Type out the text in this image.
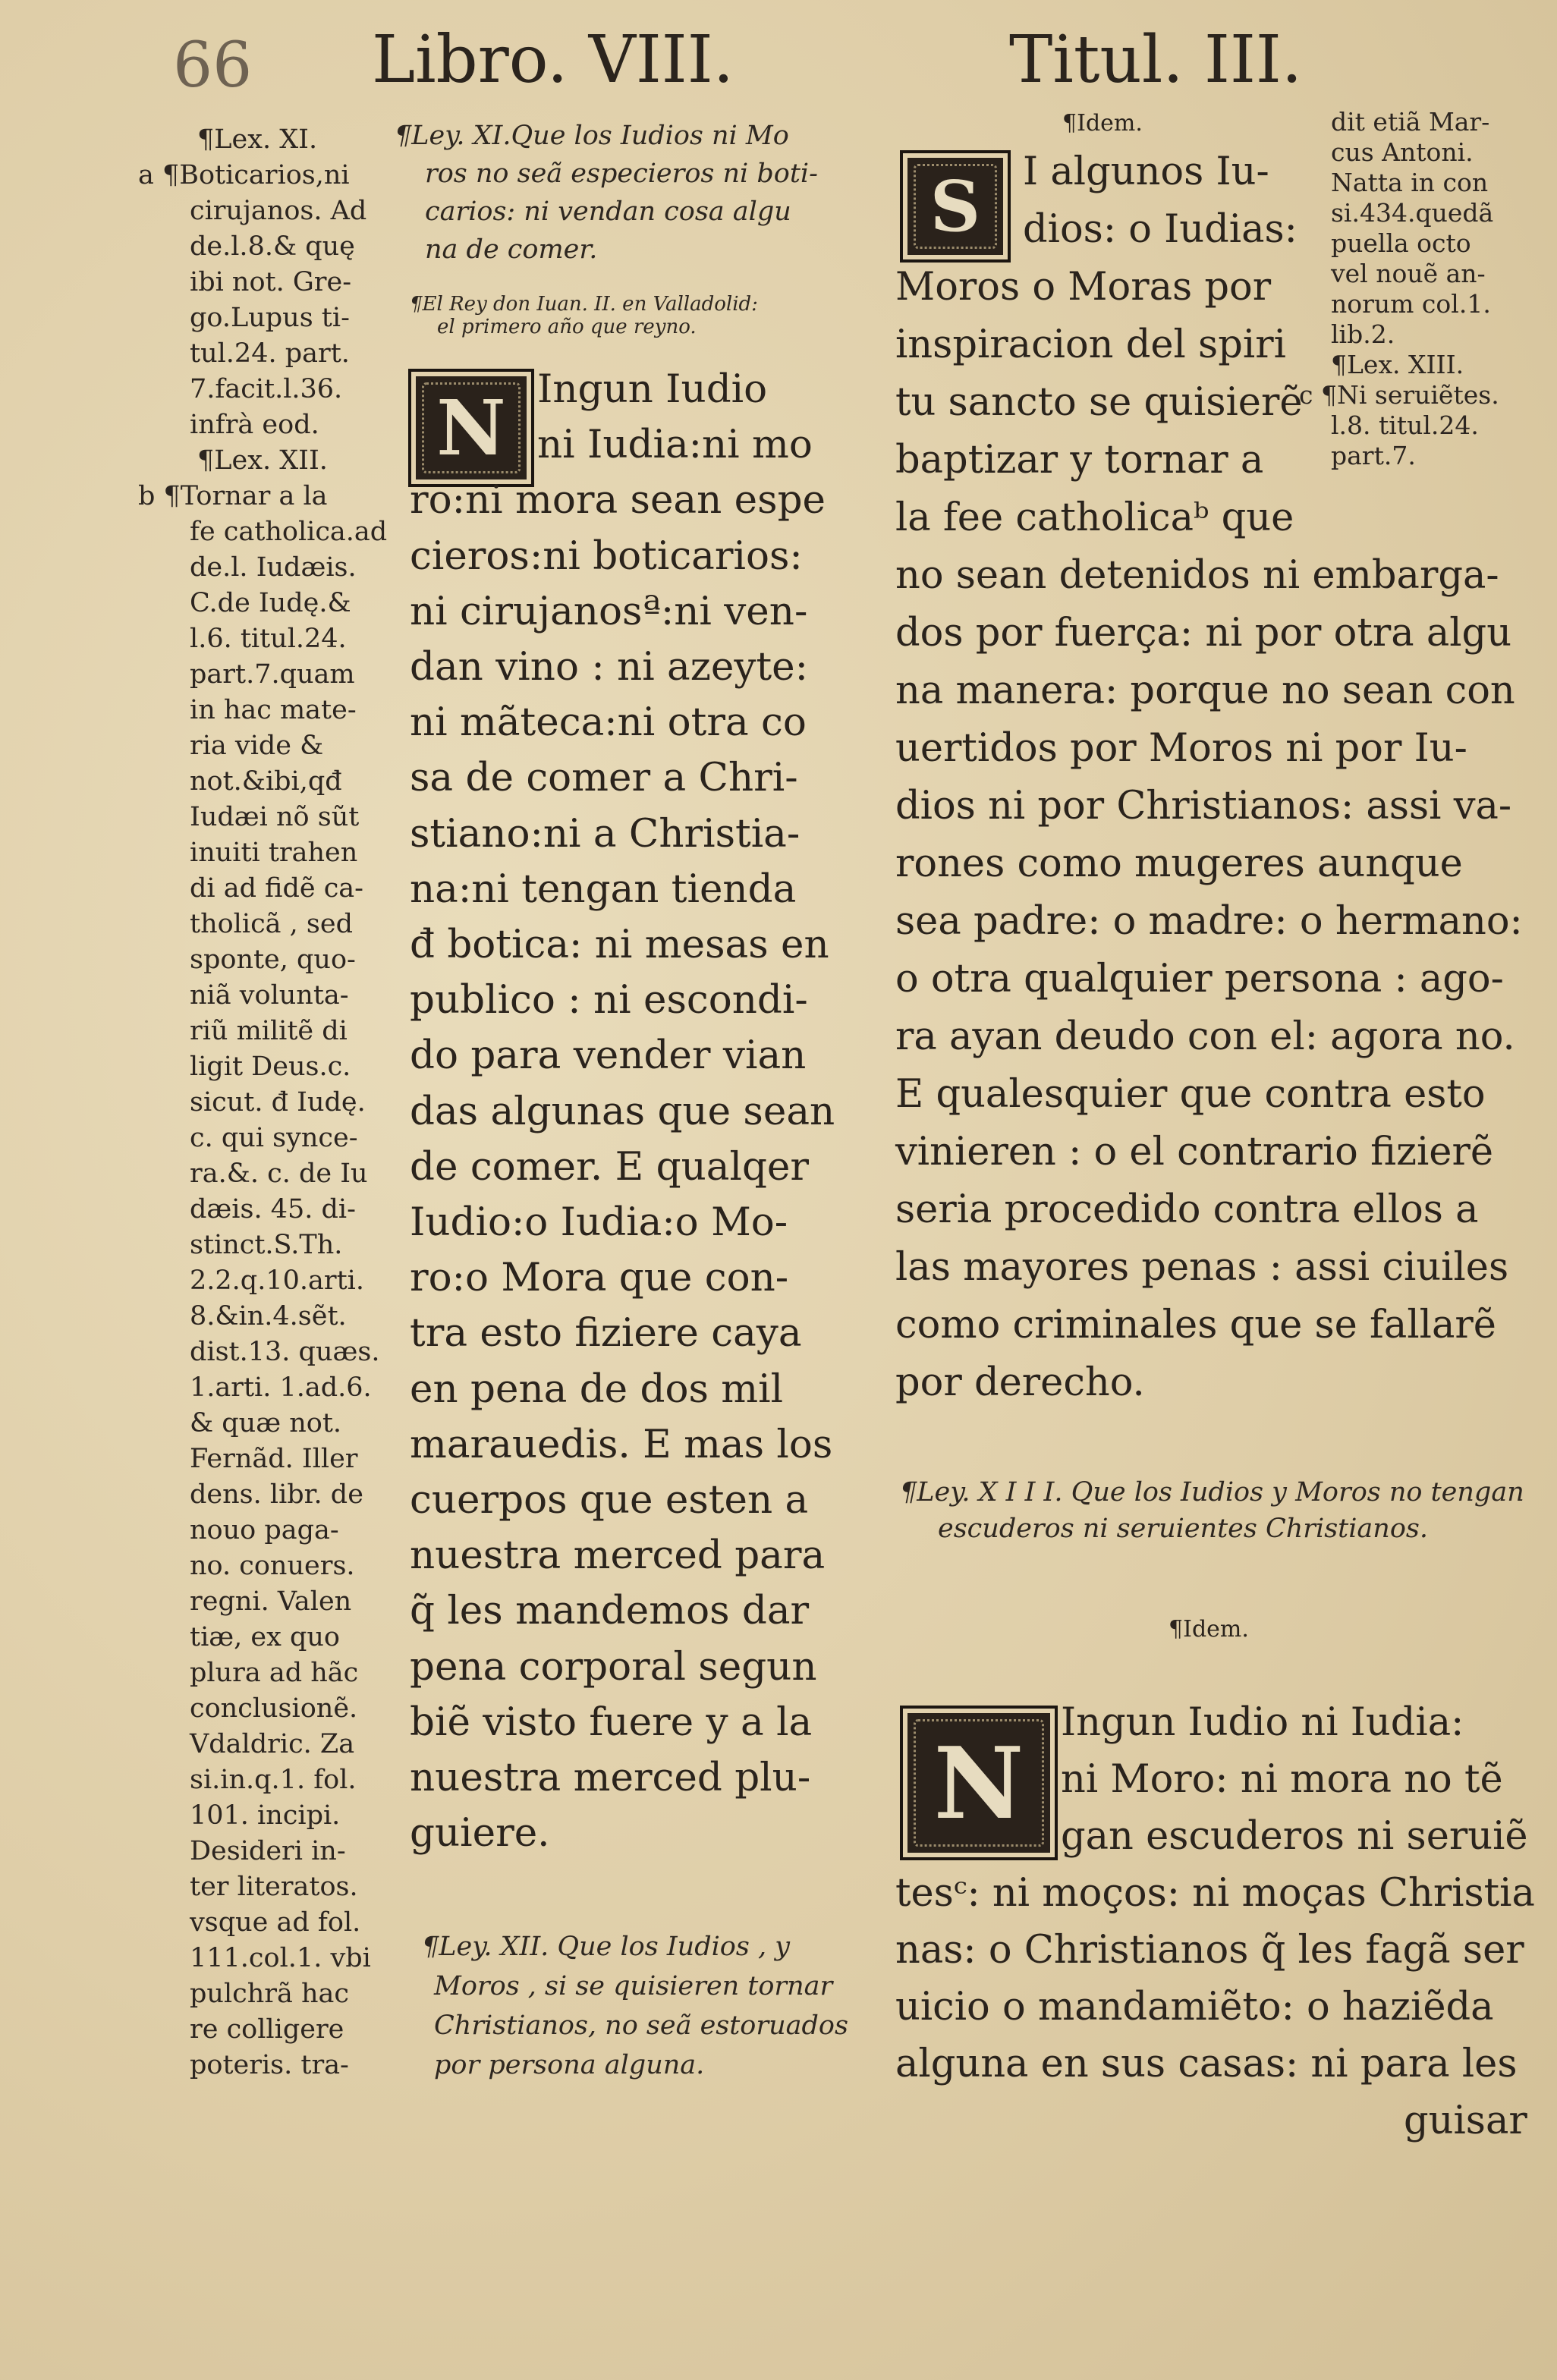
66 Libro. VIII.	Titul. III.
¶Lex. XI.
a ¶Boticarios,ni
cirujanos. Ad
de.l.8.& quę
ibi not. Gre-
go.Lupus ti-
tul.24. part.
7.facit.l.36.
infrà eod.
¶Lex. XII.
b ¶Tornar a la
fe catholica.ad
de.l. Iudæis.
C.de Iudę.&
l.6. titul.24.
part.7.quam
in hac mate-
ria vide &
not.&ibi,qđ
Iudæi nõ sũt
inuiti trahen
di ad fidẽ ca-
tholicã , sed
sponte, quo-
niã volunta-
riũ militẽ di
ligit Deus.c.
sicut. đ Iudę.
c. qui synce-
ra.&. c. de Iu
dæis. 45. di-
stinct.S.Th.
2.2.q.10.arti.
8.&in.4.sẽt.
dist.13. quæs.
1.arti. 1.ad.6.
& quæ not.
Fernãd. Iller
dens. libr. de
nouo paga-
no. conuers.
regni. Valen
tiæ, ex quo
plura ad hãc
conclusionẽ.
Vdaldric. Za
si.in.q.1. fol.
101. incipi.
Desideri in-
ter literatos.
vsque ad fol.
111.col.1. vbi
pulchrã hac
re colligere
poteris. tra-
¶Ley. XI.Que los Iudios ni Mo
ros no seã especieros ni boti-
carios: ni vendan cosa algu
na de comer.
¶El Rey don Iuan. II. en Valladolid:
el primero año que reyno.
N Ingun Iudio
ni Iudia:ni mo
ro:ni mora sean espe
cieros:ni boticarios:
ni cirujanosª:ni ven-
dan vino : ni azeyte:
ni mãteca:ni otra co
sa de comer a Chri-
stiano:ni a Christia-
na:ni tengan tienda
đ botica: ni mesas en
publico : ni escondi-
do para vender vian
das algunas que sean
de comer. E qualqer
Iudio:o Iudia:o Mo-
ro:o Mora que con-
tra esto fiziere caya
en pena de dos mil
marauedis. E mas los
cuerpos que esten a
nuestra merced para
q̃ les mandemos dar
pena corporal segun
biẽ visto fuere y a la
nuestra merced plu-
guiere.
¶Ley. XII. Que los Iudios , y
Moros , si se quisieren tornar
Christianos, no seã estoruados
por persona alguna.
¶Idem.
S	I algunos Iu-
dios: o Iudias:
Moros o Moras por
inspiracion del spiri
tu sancto se quisierẽ
baptizar y tornar a
la fee catholicaᵇ que
no sean detenidos ni embarga-
dos por fuerça: ni por otra algu
na manera: porque no sean con
uertidos por Moros ni por Iu-
dios ni por Christianos: assi va-
rones como mugeres aunque
sea padre: o madre: o hermano:
o otra qualquier persona : ago-
ra ayan deudo con el: agora no.
E qualesquier que contra esto
vinieren : o el contrario fizierẽ
seria procedido contra ellos a
las mayores penas : assi ciuiles
como criminales que se fallarẽ
por derecho.
dit etiã Mar-
cus Antoni.
Natta in con
si.434.quedã
puella octo
vel nouẽ an-
norum col.1.
lib.2.
¶Lex. XIII.
c ¶Ni seruiẽtes.
l.8. titul.24.
part.7.
¶Ley. X I I I. Que los Iudios y Moros no tengan
escuderos ni seruientes Christianos.
¶Idem.
N
Ingun Iudio ni Iudia:
ni Moro: ni mora no tẽ
gan escuderos ni seruiẽ
tesᶜ: ni moços: ni moças Christia
nas: o Christianos q̃ les fagã ser
uicio o mandamiẽto: o haziẽda
alguna en sus casas: ni para les
guisar
